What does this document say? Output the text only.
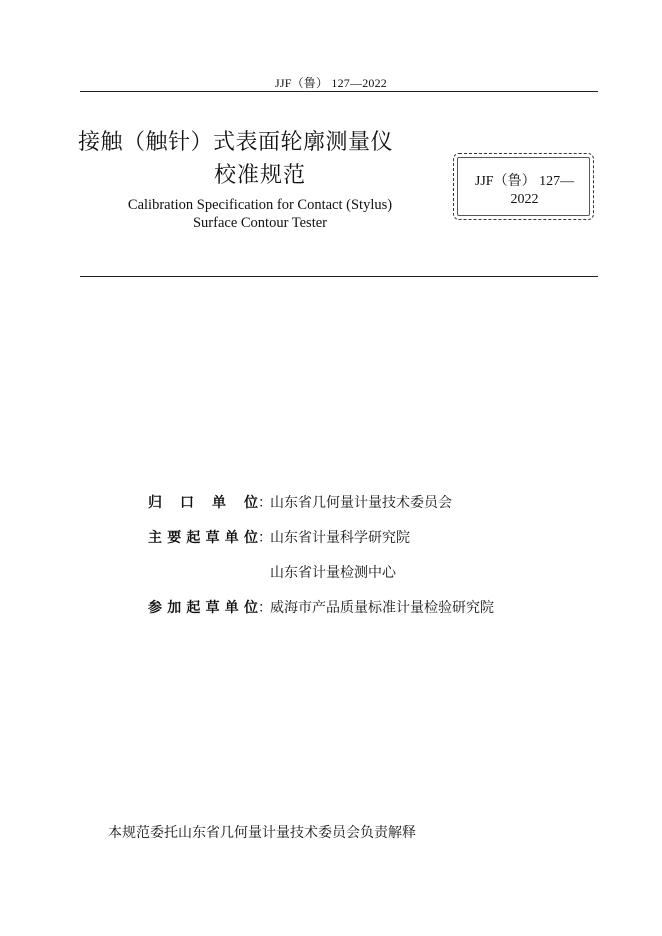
JJF（鲁） 127—2022
接触（触针）式表面轮廓测量仪
校准规范
Calibration Specification for Contact (Stylus)
Surface Contour Tester
JJF（鲁） 127—
2022
归口单位 ：
山东省几何量计量技术委员会
主要起草单位 ：
山东省计量科学研究院
山东省计量检测中心
参加起草单位 ：
威海市产品质量标准计量检验研究院
本规范委托山东省几何量计量技术委员会负责解释
